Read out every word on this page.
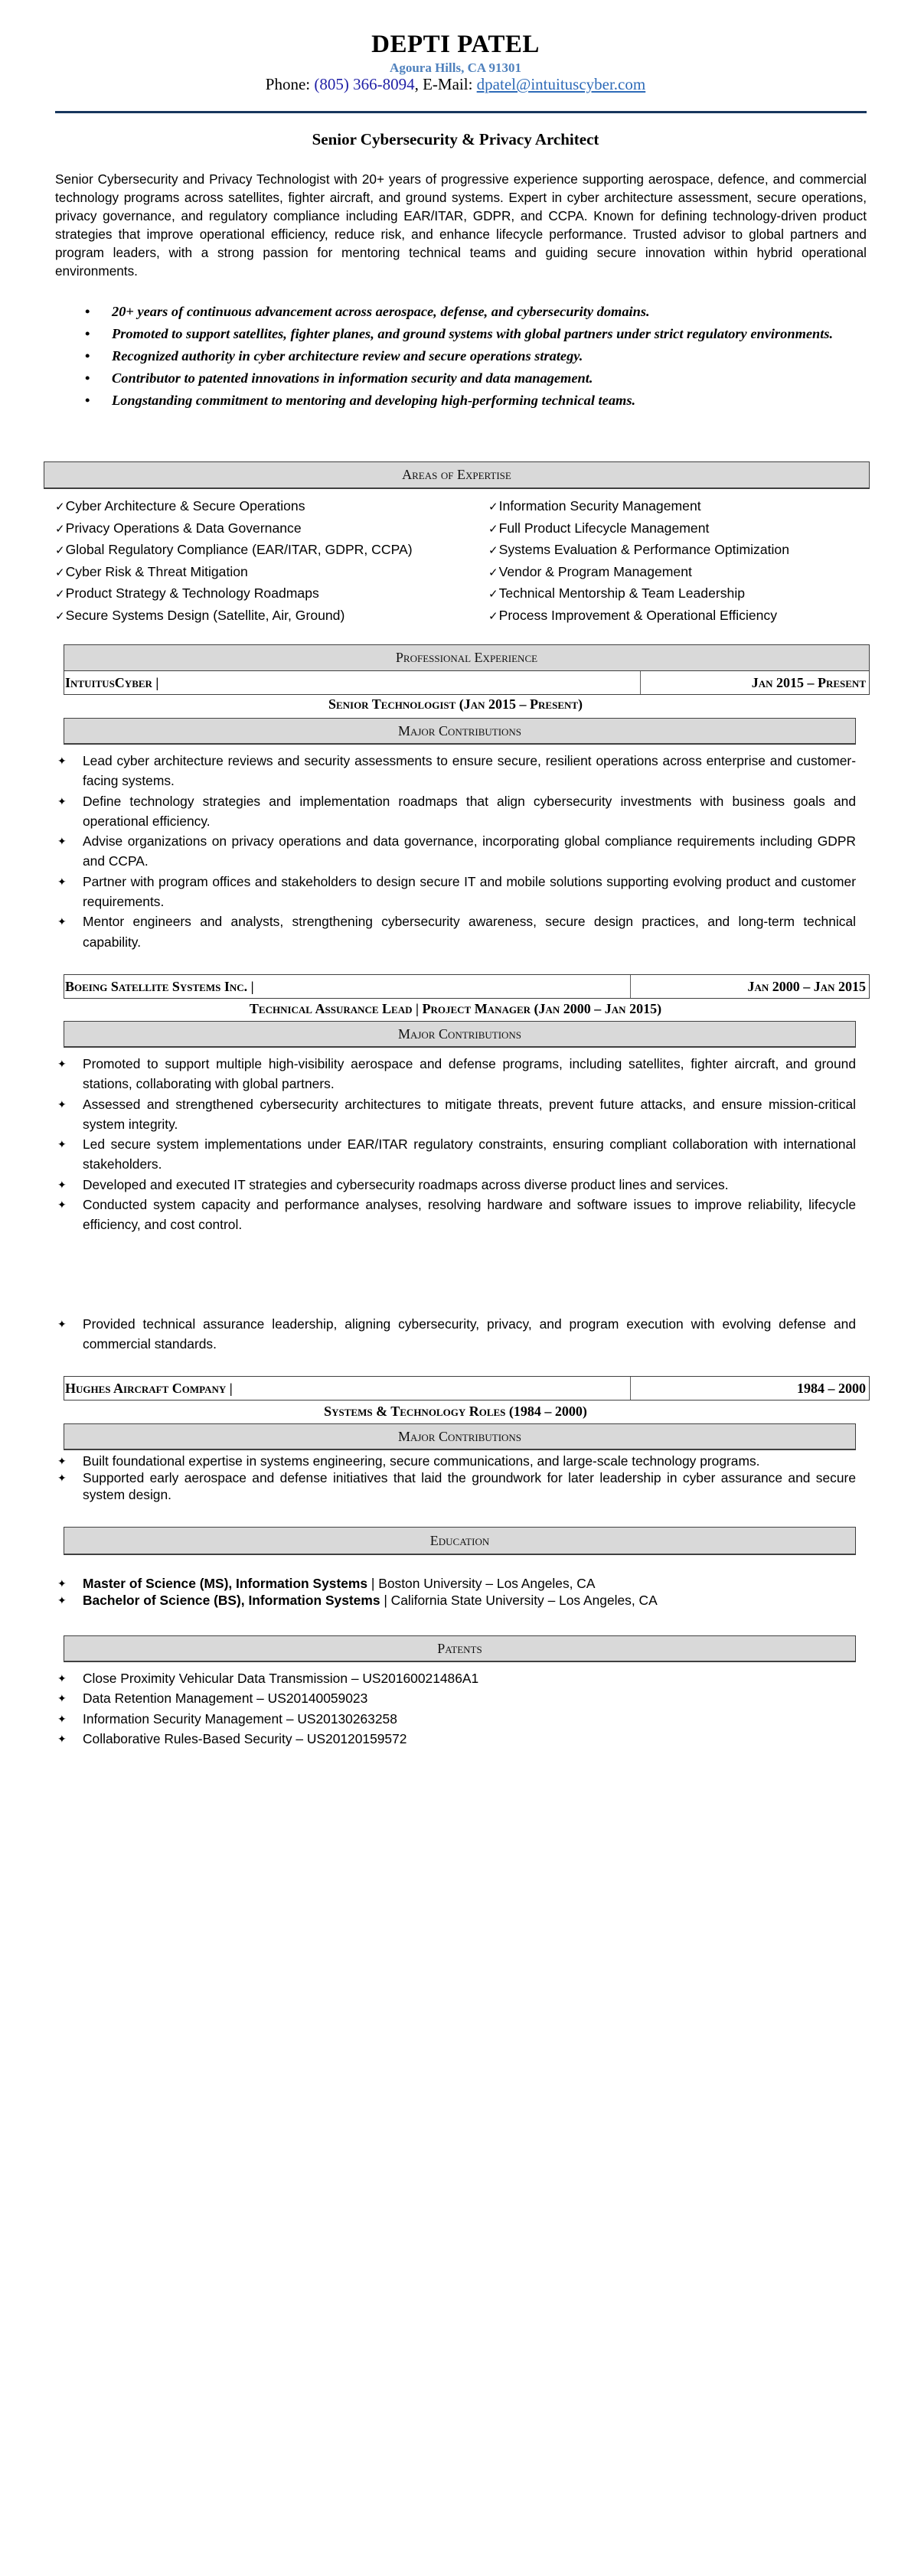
DEPTI PATEL
Agoura Hills, CA 91301
Phone: (805) 366-8094, E-Mail: dpatel@intuituscyber.com
Senior Cybersecurity & Privacy Architect

Senior Cybersecurity and Privacy Technologist with 20+ years of progressive experience supporting aerospace, defence, and commercial technology programs across satellites, fighter aircraft, and ground systems. Expert in cyber architecture assessment, secure operations, privacy governance, and regulatory compliance including EAR/ITAR, GDPR, and CCPA. Known for defining technology-driven product strategies that improve operational efficiency, reduce risk, and enhance lifecycle performance. Trusted advisor to global partners and program leaders, with a strong passion for mentoring technical teams and guiding secure innovation within hybrid operational environments.

• 20+ years of continuous advancement across aerospace, defense, and cybersecurity domains.
• Promoted to support satellites, fighter planes, and ground systems with global partners under strict regulatory environments.
• Recognized authority in cyber architecture review and secure operations strategy.
• Contributor to patented innovations in information security and data management.
• Longstanding commitment to mentoring and developing high-performing technical teams.
Areas of Expertise
✓Cyber Architecture & Secure Operations	✓Information Security Management
✓Privacy Operations & Data Governance	✓Full Product Lifecycle Management
✓Global Regulatory Compliance (EAR/ITAR, GDPR, CCPA)	✓Systems Evaluation & Performance Optimization
✓Cyber Risk & Threat Mitigation	✓Vendor & Program Management
✓Product Strategy & Technology Roadmaps	✓Technical Mentorship & Team Leadership
✓Secure Systems Design (Satellite, Air, Ground)	✓Process Improvement & Operational Efficiency
Professional Experience
IntuitusCyber |	Jan 2015 – Present
Senior Technologist (Jan 2015 – Present)
Major Contributions
✦ Lead cyber architecture reviews and security assessments to ensure secure, resilient operations across enterprise and customer-facing systems.
✦ Define technology strategies and implementation roadmaps that align cybersecurity investments with business goals and operational efficiency.
✦ Advise organizations on privacy operations and data governance, incorporating global compliance requirements including GDPR and CCPA.
✦ Partner with program offices and stakeholders to design secure IT and mobile solutions supporting evolving product and customer requirements.
✦ Mentor engineers and analysts, strengthening cybersecurity awareness, secure design practices, and long-term technical capability.
Boeing Satellite Systems Inc. |	Jan 2000 – Jan 2015
Technical Assurance Lead | Project Manager (Jan 2000 – Jan 2015)
Major Contributions
✦ Promoted to support multiple high-visibility aerospace and defense programs, including satellites, fighter aircraft, and ground stations, collaborating with global partners.
✦ Assessed and strengthened cybersecurity architectures to mitigate threats, prevent future attacks, and ensure mission-critical system integrity.
✦ Led secure system implementations under EAR/ITAR regulatory constraints, ensuring compliant collaboration with international stakeholders.
✦ Developed and executed IT strategies and cybersecurity roadmaps across diverse product lines and services.
✦ Conducted system capacity and performance analyses, resolving hardware and software issues to improve reliability, lifecycle efficiency, and cost control.
✦ Provided technical assurance leadership, aligning cybersecurity, privacy, and program execution with evolving defense and commercial standards.
Hughes Aircraft Company |	1984 – 2000
Systems & Technology Roles (1984 – 2000)
Major Contributions
✦ Built foundational expertise in systems engineering, secure communications, and large-scale technology programs.
✦ Supported early aerospace and defense initiatives that laid the groundwork for later leadership in cyber assurance and secure system design.
Education
✦ Master of Science (MS), Information Systems | Boston University – Los Angeles, CA
✦ Bachelor of Science (BS), Information Systems | California State University – Los Angeles, CA
Patents
✦ Close Proximity Vehicular Data Transmission – US20160021486A1
✦ Data Retention Management – US20140059023
✦ Information Security Management – US20130263258
✦ Collaborative Rules-Based Security – US20120159572
